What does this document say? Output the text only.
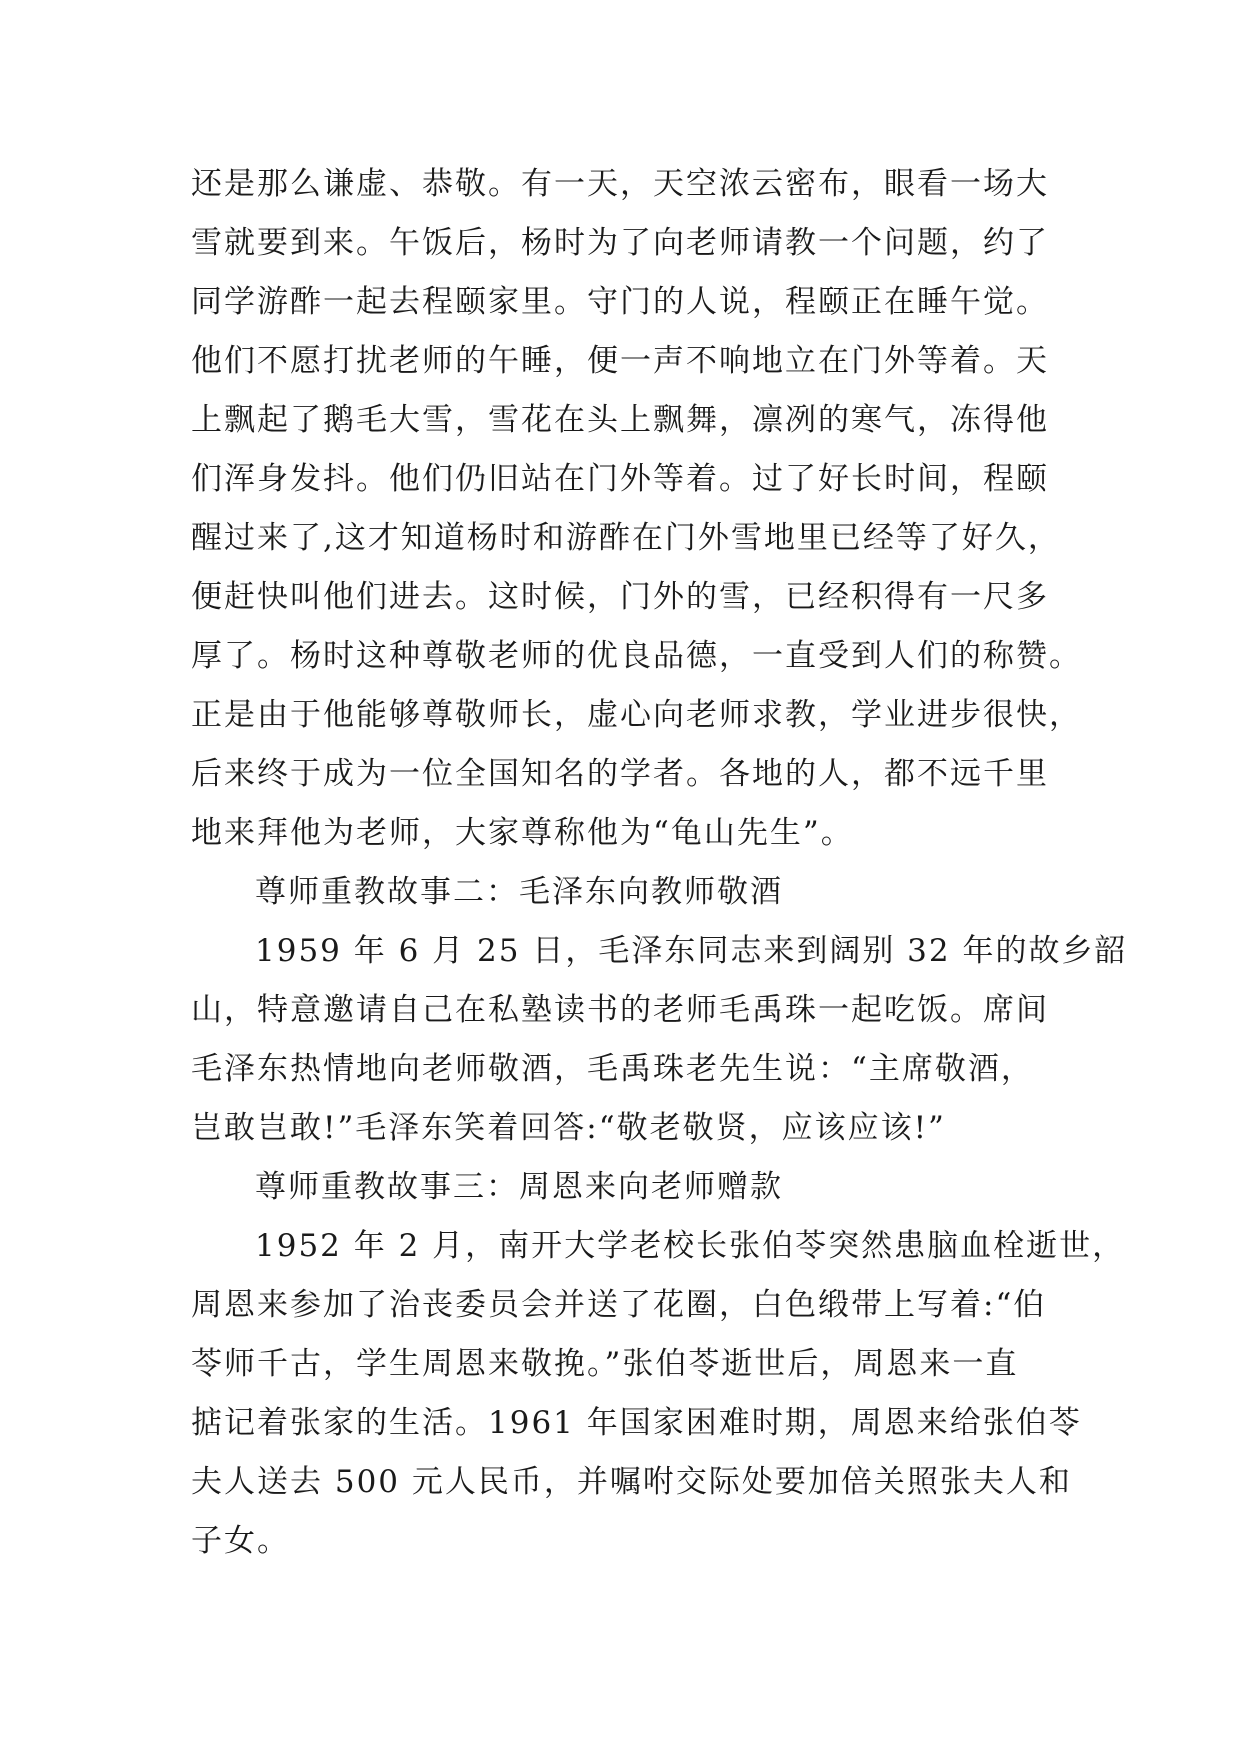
还是那么谦虚、恭敬。有一天，天空浓云密布，眼看一场大
雪就要到来。午饭后，杨时为了向老师请教一个问题，约了
同学游酢一起去程颐家里。守门的人说，程颐正在睡午觉。
他们不愿打扰老师的午睡，便一声不响地立在门外等着。天
上飘起了鹅毛大雪，雪花在头上飘舞，凛冽的寒气，冻得他
们浑身发抖。他们仍旧站在门外等着。过了好长时间，程颐
醒过来了,这才知道杨时和游酢在门外雪地里已经等了好久，
便赶快叫他们进去。这时候，门外的雪，已经积得有一尺多
厚了。杨时这种尊敬老师的优良品德，一直受到人们的称赞。
正是由于他能够尊敬师长，虚心向老师求教，学业进步很快，
后来终于成为一位全国知名的学者。各地的人，都不远千里
地来拜他为老师，大家尊称他为“龟山先生”。
尊师重教故事二：毛泽东向教师敬酒
1959 年 6 月 25 日，毛泽东同志来到阔别 32 年的故乡韶
山，特意邀请自己在私塾读书的老师毛禹珠一起吃饭。席间
毛泽东热情地向老师敬酒，毛禹珠老先生说：“主席敬酒，
岂敢岂敢!”毛泽东笑着回答:“敬老敬贤，应该应该!”
尊师重教故事三：周恩来向老师赠款
1952 年 2 月，南开大学老校长张伯苓突然患脑血栓逝世，
周恩来参加了治丧委员会并送了花圈，白色缎带上写着:“伯
苓师千古，学生周恩来敬挽。”张伯苓逝世后，周恩来一直
掂记着张家的生活。1961 年国家困难时期，周恩来给张伯苓
夫人送去 500 元人民币，并嘱咐交际处要加倍关照张夫人和
子女。
